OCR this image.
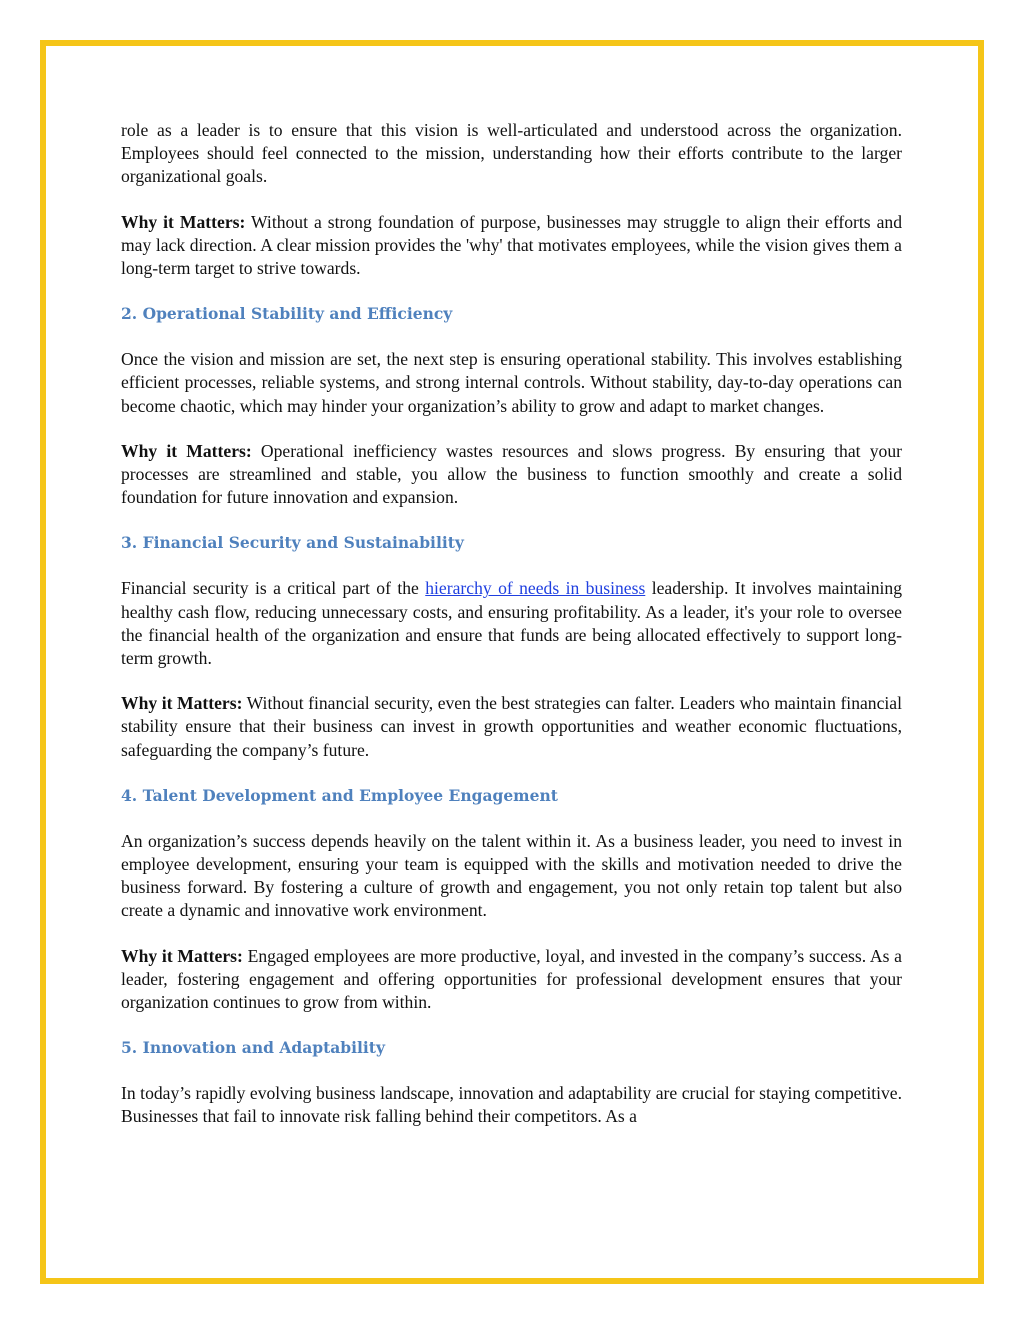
role as a leader is to ensure that this vision is well-articulated and understood across the organization. Employees should feel connected to the mission, understanding how their efforts contribute to the larger organizational goals.

Why it Matters: Without a strong foundation of purpose, businesses may struggle to align their efforts and may lack direction. A clear mission provides the 'why' that motivates employees, while the vision gives them a long-term target to strive towards.

2. Operational Stability and Efficiency

Once the vision and mission are set, the next step is ensuring operational stability. This involves establishing efficient processes, reliable systems, and strong internal controls. Without stability, day-to-day operations can become chaotic, which may hinder your organization’s ability to grow and adapt to market changes.

Why it Matters: Operational inefficiency wastes resources and slows progress. By ensuring that your processes are streamlined and stable, you allow the business to function smoothly and create a solid foundation for future innovation and expansion.

3. Financial Security and Sustainability

Financial security is a critical part of the hierarchy of needs in business leadership. It involves maintaining healthy cash flow, reducing unnecessary costs, and ensuring profitability. As a leader, it's your role to oversee the financial health of the organization and ensure that funds are being allocated effectively to support long-term growth.

Why it Matters: Without financial security, even the best strategies can falter. Leaders who maintain financial stability ensure that their business can invest in growth opportunities and weather economic fluctuations, safeguarding the company’s future.

4. Talent Development and Employee Engagement

An organization’s success depends heavily on the talent within it. As a business leader, you need to invest in employee development, ensuring your team is equipped with the skills and motivation needed to drive the business forward. By fostering a culture of growth and engagement, you not only retain top talent but also create a dynamic and innovative work environment.

Why it Matters: Engaged employees are more productive, loyal, and invested in the company’s success. As a leader, fostering engagement and offering opportunities for professional development ensures that your organization continues to grow from within.

5. Innovation and Adaptability

In today’s rapidly evolving business landscape, innovation and adaptability are crucial for staying competitive. Businesses that fail to innovate risk falling behind their competitors. As a
